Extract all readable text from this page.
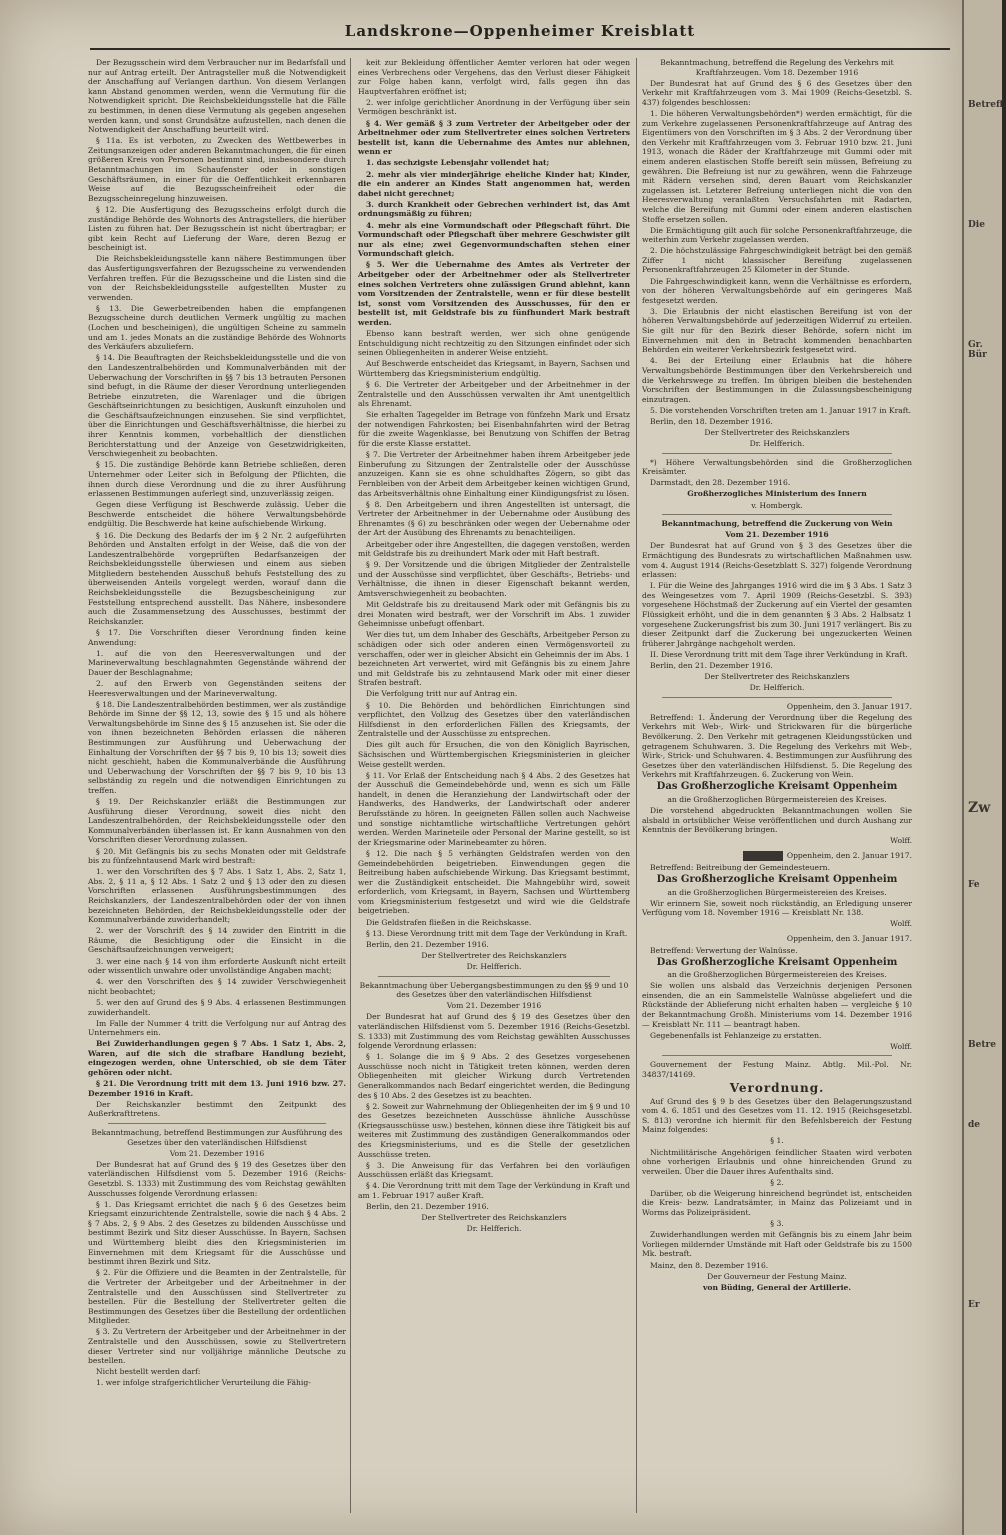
Landskrone—Oppenheimer Kreisblatt

Der Bezugsschein wird dem Verbraucher nur im Bedarfsfall und nur auf Antrag erteilt. Der Antragsteller muß die Notwendigkeit der Anschaffung auf Verlangen darthun. Von diesem Verlangen kann Abstand genommen werden, wenn die Vermutung für die Notwendigkeit spricht. Die Reichsbekleidungsstelle hat die Fälle zu bestimmen, in denen diese Vermutung als gegeben angesehen werden kann, und sonst Grundsätze aufzustellen, nach denen die Notwendigkeit der Anschaffung beurteilt wird.

§ 11a. Es ist verboten, zu Zwecken des Wettbewerbes in Zeitungsanzeigen oder anderen Bekanntmachungen, die für einen größeren Kreis von Personen bestimmt sind, insbesondere durch Betanntmachungen im Schaufenster oder in sonstigen Geschäftsräumen, in einer für die Oeffentlichkeit erkennbaren Weise auf die Bezugsscheinfreiheit oder die Bezugsscheinregelung hinzuweisen.

§ 12. Die Ausfertigung des Bezugsscheins erfolgt durch die zuständige Behörde des Wohnorts des Antragstellers, die hierüber Listen zu führen hat. Der Bezugsschein ist nicht übertragbar; er gibt kein Recht auf Lieferung der Ware, deren Bezug er bescheinigt ist.

Die Reichsbekleidungsstelle kann nähere Bestimmungen über das Ausfertigungsverfahren der Bezugsscheine zu verwendenden Verfahren treffen. Für die Bezugsscheine und die Listen sind die von der Reichsbekleidungsstelle aufgestellten Muster zu verwenden.

§ 13. Die Gewerbetreibenden haben die empfangenen Bezugsscheine durch deutlichen Vermerk ungültig zu machen (Lochen und bescheinigen), die ungültigen Scheine zu sammeln und am 1. jedes Monats an die zuständige Behörde des Wohnorts des Verkäufers abzuliefern.

§ 14. Die Beauftragten der Reichsbekleidungsstelle und die von den Landeszentralbehörden und Kommunalverbänden mit der Ueberwachung der Vorschriften in §§ 7 bis 13 betrauten Personen sind befugt, in die Räume der dieser Verordnung unterliegenden Betriebe einzutreten, die Warenlager und die übrigen Geschäftseinrichtungen zu besichtigen, Auskunft einzuholen und die Geschäftsaufzeichnungen einzusehen. Sie sind verpflichtet, über die Einrichtungen und Geschäftsverhältnisse, die hierbei zu ihrer Kenntnis kommen, vorbehaltlich der dienstlichen Berichterstattung und der Anzeige von Gesetzwidrigkeiten, Verschwiegenheit zu beobachten.

§ 15. Die zuständige Behörde kann Betriebe schließen, deren Unternehmer oder Leiter sich in Befolgung der Pflichten, die ihnen durch diese Verordnung und die zu ihrer Ausführung erlassenen Bestimmungen auferlegt sind, unzuverlässig zeigen.

Gegen diese Verfügung ist Beschwerde zulässig. Ueber die Beschwerde entscheidet die höhere Verwaltungsbehörde endgültig. Die Beschwerde hat keine aufschiebende Wirkung.

§ 16. Die Deckung des Bedarfs der im § 2 Nr. 2 aufgeführten Behörden und Anstalten erfolgt in der Weise, daß die von der Landeszentralbehörde vorgeprüften Bedarfsanzeigen der Reichsbekleidungsstelle überwiesen und einem aus sieben Mitgliedern bestehenden Ausschuß behufs Feststellung des zu überweisenden Anteils vorgelegt werden, worauf dann die Reichsbekleidungsstelle die Bezugsbescheinigung zur Feststellung entsprechend ausstellt. Das Nähere, insbesondere auch die Zusammensetzung des Ausschusses, bestimmt der Reichskanzler.

§ 17. Die Vorschriften dieser Verordnung finden keine Anwendung:

1. auf die von den Heeresverwaltungen und der Marineverwaltung beschlagnahmten Gegenstände während der Dauer der Beschlagnahme;

2. auf den Erwerb von Gegenständen seitens der Heeresverwaltungen und der Marineverwaltung.

§ 18. Die Landeszentralbehörden bestimmen, wer als zuständige Behörde im Sinne der §§ 12, 13, sowie des § 15 und als höhere Verwaltungsbehörde im Sinne des § 15 anzusehen ist. Sie oder die von ihnen bezeichneten Behörden erlassen die näheren Bestimmungen zur Ausführung und Ueberwachung der Einhaltung der Vorschriften der §§ 7 bis 9, 10 bis 13; soweit dies nicht geschieht, haben die Kommunalverbände die Ausführung und Ueberwachung der Vorschriften der §§ 7 bis 9, 10 bis 13 selbständig zu regeln und die notwendigen Einrichtungen zu treffen.

§ 19. Der Reichskanzler erläßt die Bestimmungen zur Ausführung dieser Verordnung, soweit dies nicht den Landeszentralbehörden, der Reichsbekleidungsstelle oder den Kommunalverbänden überlassen ist. Er kann Ausnahmen von den Vorschriften dieser Verordnung zulassen.

§ 20. Mit Gefängnis bis zu sechs Monaten oder mit Geldstrafe bis zu fünfzehntausend Mark wird bestraft:

1. wer den Vorschriften des § 7 Abs. 1 Satz 1, Abs. 2, Satz 1, Abs. 2, § 11 a, § 12 Abs. 1 Satz 2 und § 13 oder den zu diesen Vorschriften erlassenen Ausführungsbestimmungen des Reichskanzlers, der Landeszentralbehörden oder der von ihnen bezeichneten Behörden, der Reichsbekleidungsstelle oder der Kommunalverbände zuwiderhandelt;

2. wer der Vorschrift des § 14 zuwider den Eintritt in die Räume, die Besichtigung oder die Einsicht in die Geschäftsaufzeichnungen verweigert;

3. wer eine nach § 14 von ihm erforderte Auskunft nicht erteilt oder wissentlich unwahre oder unvollständige Angaben macht;

4. wer den Vorschriften des § 14 zuwider Verschwiegenheit nicht beobachtet;

5. wer den auf Grund des § 9 Abs. 4 erlassenen Bestimmungen zuwiderhandelt.

Im Falle der Nummer 4 tritt die Verfolgung nur auf Antrag des Unternehmers ein.

Bei Zuwiderhandlungen gegen § 7 Abs. 1 Satz 1, Abs. 2, Waren, auf die sich die strafbare Handlung bezieht, eingezogen werden, ohne Unterschied, ob sie dem Täter gehören oder nicht.

§ 21. Die Verordnung tritt mit dem 13. Juni 1916 bzw. 27. Dezember 1916 in Kraft.

Der Reichskanzler bestimmt den Zeitpunkt des Außerkrafttretens.

Bekanntmachung, betreffend Bestimmungen zur Ausführung des Gesetzes über den vaterländischen Hilfsdienst

Vom 21. Dezember 1916

Der Bundesrat hat auf Grund des § 19 des Gesetzes über den vaterländischen Hilfsdienst vom 5. Dezember 1916 (Reichs-Gesetzbl. S. 1333) mit Zustimmung des vom Reichstag gewählten Ausschusses folgende Verordnung erlassen:

§ 1. Das Kriegsamt errichtet die nach § 6 des Gesetzes beim Kriegsamt einzurichtende Zentralstelle, sowie die nach § 4 Abs. 2 § 7 Abs. 2, § 9 Abs. 2 des Gesetzes zu bildenden Ausschüsse und bestimmt Bezirk und Sitz dieser Ausschüsse. In Bayern, Sachsen und Württemberg bleibt dies den Kriegsministerien im Einvernehmen mit dem Kriegsamt für die Ausschüsse und bestimmt ihren Bezirk und Sitz.

§ 2. Für die Offiziere und die Beamten in der Zentralstelle, für die Vertreter der Arbeitgeber und der Arbeitnehmer in der Zentralstelle und den Ausschüssen sind Stellvertreter zu bestellen. Für die Bestellung der Stellvertreter gelten die Bestimmungen des Gesetzes über die Bestellung der ordentlichen Mitglieder.

§ 3. Zu Vertretern der Arbeitgeber und der Arbeitnehmer in der Zentralstelle und den Ausschüssen, sowie zu Stellvertretern dieser Vertreter sind nur volljährige männliche Deutsche zu bestellen.

Nicht bestellt werden darf:

1. wer infolge strafgerichtlicher Verurteilung die Fähig-

keit zur Bekleidung öffentlicher Aemter verloren hat oder wegen eines Verbrechens oder Vergehens, das den Verlust dieser Fähigkeit zur Folge haben kann, verfolgt wird, falls gegen ihn das Hauptverfahren eröffnet ist;

2. wer infolge gerichtlicher Anordnung in der Verfügung über sein Vermögen beschränkt ist.

§ 4. Wer gemäß § 3 zum Vertreter der Arbeitgeber oder der Arbeitnehmer oder zum Stellvertreter eines solchen Vertreters bestellt ist, kann die Uebernahme des Amtes nur ablehnen, wenn er

1. das sechzigste Lebensjahr vollendet hat;

2. mehr als vier minderjährige eheliche Kinder hat; Kinder, die ein anderer an Kindes Statt angenommen hat, werden dabei nicht gerechnet;

3. durch Krankheit oder Gebrechen verhindert ist, das Amt ordnungsmäßig zu führen;

4. mehr als eine Vormundschaft oder Pflegschaft führt. Die Vormundschaft oder Pflegschaft über mehrere Geschwister gilt nur als eine; zwei Gegenvormundschaften stehen einer Vormundschaft gleich.

§ 5. Wer die Uebernahme des Amtes als Vertreter der Arbeitgeber oder der Arbeitnehmer oder als Stellvertreter eines solchen Vertreters ohne zulässigen Grund ablehnt, kann vom Vorsitzenden der Zentralstelle, wenn er für diese bestellt ist, sonst vom Vorsitzenden des Ausschusses, für den er bestellt ist, mit Geldstrafe bis zu fünfhundert Mark bestraft werden.

Ebenso kann bestraft werden, wer sich ohne genügende Entschuldigung nicht rechtzeitig zu den Sitzungen einfindet oder sich seinen Obliegenheiten in anderer Weise entzieht.

Auf Beschwerde entscheidet das Kriegsamt, in Bayern, Sachsen und Württemberg das Kriegsministerium endgültig.

§ 6. Die Vertreter der Arbeitgeber und der Arbeitnehmer in der Zentralstelle und den Ausschüssen verwalten ihr Amt unentgeltlich als Ehrenamt.

Sie erhalten Tagegelder im Betrage von fünfzehn Mark und Ersatz der notwendigen Fahrkosten; bei Eisenbahnfahrten wird der Betrag für die zweite Wagenklasse, bei Benutzung von Schiffen der Betrag für die erste Klasse erstattet.

§ 7. Die Vertreter der Arbeitnehmer haben ihrem Arbeitgeber jede Einberufung zu Sitzungen der Zentralstelle oder der Ausschüsse anzuzeigen. Kann sie es ohne schuldhaftes Zögern, so gibt das Fernbleiben von der Arbeit dem Arbeitgeber keinen wichtigen Grund, das Arbeitsverhältnis ohne Einhaltung einer Kündigungsfrist zu lösen.

§ 8. Den Arbeitgebern und ihren Angestellten ist untersagt, die Vertreter der Arbeitnehmer in der Uebernahme oder Ausübung des Ehrenamtes (§ 6) zu beschränken oder wegen der Uebernahme oder der Art der Ausübung des Ehrenamts zu benachteiligen.

Arbeitgeber oder ihre Angestellten, die dagegen verstoßen, werden mit Geldstrafe bis zu dreihundert Mark oder mit Haft bestraft.

§ 9. Der Vorsitzende und die übrigen Mitglieder der Zentralstelle und der Ausschüsse sind verpflichtet, über Geschäfts-, Betriebs- und Verhältnisse, die ihnen in dieser Eigenschaft bekannt werden, Amtsverschwiegenheit zu beobachten.

Mit Geldstrafe bis zu dreitausend Mark oder mit Gefängnis bis zu drei Monaten wird bestraft, wer der Vorschrift im Abs. 1 zuwider Geheimnisse unbefugt offenbart.

Wer dies tut, um dem Inhaber des Geschäfts, Arbeitgeber Person zu schädigen oder sich oder anderen einen Vermögensvorteil zu verschaffen, oder wer in gleicher Absicht ein Geheimnis der im Abs. 1 bezeichneten Art verwertet, wird mit Gefängnis bis zu einem Jahre und mit Geldstrafe bis zu zehntausend Mark oder mit einer dieser Strafen bestraft.

Die Verfolgung tritt nur auf Antrag ein.

§ 10. Die Behörden und behördlichen Einrichtungen sind verpflichtet, den Vollzug des Gesetzes über den vaterländischen Hilfsdienst in den erforderlichen Fällen des Kriegsamts, der Zentralstelle und der Ausschüsse zu entsprechen.

Dies gilt auch für Ersuchen, die von den Königlich Bayrischen, Sächsischen und Württembergischen Kriegsministerien in gleicher Weise gestellt werden.

§ 11. Vor Erlaß der Entscheidung nach § 4 Abs. 2 des Gesetzes hat der Ausschuß die Gemeindebehörde und, wenn es sich um Fälle handelt, in denen die Heranziehung der Landwirtschaft oder der Handwerks, des Handwerks, der Landwirtschaft oder anderer Berufsstände zu hören. In geeigneten Fällen sollen auch Nachweise und sonstige nichtamtliche wirtschaftliche Vertretungen gehört werden. Werden Marineteile oder Personal der Marine gestellt, so ist der Kriegsmarine oder Marinebeamter zu hören.

§ 12. Die nach § 5 verhängten Geldstrafen werden von den Gemeindebehörden beigetrieben. Einwendungen gegen die Beitreibung haben aufschiebende Wirkung. Das Kriegsamt bestimmt, wer die Zuständigkeit entscheidet. Die Mahngebühr wird, soweit erforderlich, vom Kriegsamt, in Bayern, Sachsen und Württemberg vom Kriegsministerium festgesetzt und wird wie die Geldstrafe beigetrieben.

Die Geldstrafen fließen in die Reichskasse.

§ 13. Diese Verordnung tritt mit dem Tage der Verkündung in Kraft.

Berlin, den 21. Dezember 1916.

Der Stellvertreter des Reichskanzlers

Dr. Helfferich.

Bekanntmachung über Uebergangsbestimmungen zu den §§ 9 und 10 des Gesetzes über den vaterländischen Hilfsdienst

Vom 21. Dezember 1916

Der Bundesrat hat auf Grund des § 19 des Gesetzes über den vaterländischen Hilfsdienst vom 5. Dezember 1916 (Reichs-Gesetzbl. S. 1333) mit Zustimmung des vom Reichstag gewählten Ausschusses folgende Verordnung erlassen:

§ 1. Solange die im § 9 Abs. 2 des Gesetzes vorgesehenen Ausschüsse noch nicht in Tätigkeit treten können, werden deren Obliegenheiten mit gleicher Wirkung durch Vertretenden Generalkommandos nach Bedarf eingerichtet werden, die Bedingung des § 10 Abs. 2 des Gesetzes ist zu beachten.

§ 2. Soweit zur Wahrnehmung der Obliegenheiten der im § 9 und 10 des Gesetzes bezeichneten Ausschüsse ähnliche Ausschüsse (Kriegsausschüsse usw.) bestehen, können diese ihre Tätigkeit bis auf weiteres mit Zustimmung des zuständigen Generalkommandos oder des Kriegsministeriums, und es die Stelle der gesetzlichen Ausschüsse treten.

§ 3. Die Anweisung für das Verfahren bei den vorläufigen Ausschüssen erläßt das Kriegsamt.

§ 4. Die Verordnung tritt mit dem Tage der Verkündung in Kraft und am 1. Februar 1917 außer Kraft.

Berlin, den 21. Dezember 1916.

Der Stellvertreter des Reichskanzlers

Dr. Helfferich.

Bekanntmachung, betreffend die Regelung des Verkehrs mit Kraftfahrzeugen. Vom 18. Dezember 1916

Der Bundesrat hat auf Grund des § 6 des Gesetzes über den Verkehr mit Kraftfahrzeugen vom 3. Mai 1909 (Reichs-Gesetzbl. S. 437) folgendes beschlossen:

1. Die höheren Verwaltungsbehörden*) werden ermächtigt, für die zum Verkehre zugelassenen Personenkraftfahrzeuge auf Antrag des Eigentümers von den Vorschriften im § 3 Abs. 2 der Verordnung über den Verkehr mit Kraftfahrzeugen vom 3. Februar 1910 bzw. 21. Juni 1913, wonach die Räder der Kraftfahrzeuge mit Gummi oder mit einem anderen elastischen Stoffe bereift sein müssen, Befreiung zu gewähren. Die Befreiung ist nur zu gewähren, wenn die Fahrzeuge mit Rädern versehen sind, deren Bauart vom Reichskanzler zugelassen ist. Letzterer Befreiung unterliegen nicht die von den Heeresverwaltung veranlaßten Versuchsfahrten mit Radarten, welche die Bereifung mit Gummi oder einem anderen elastischen Stoffe ersetzen sollen.

Die Ermächtigung gilt auch für solche Personenkraftfahrzeuge, die weiterhin zum Verkehr zugelassen werden.

2. Die höchstzulässige Fahrgeschwindigkeit beträgt bei den gemäß Ziffer 1 nicht klassischer Bereifung zugelassenen Personenkraftfahrzeugen 25 Kilometer in der Stunde.

Die Fahrgeschwindigkeit kann, wenn die Verhältnisse es erfordern, von der höheren Verwaltungsbehörde auf ein geringeres Maß festgesetzt werden.

3. Die Erlaubnis der nicht elastischen Bereifung ist von der höheren Verwaltungsbehörde auf jederzeitigen Widerruf zu erteilen. Sie gilt nur für den Bezirk dieser Behörde, sofern nicht im Einvernehmen mit den in Betracht kommenden benachbarten Behörden ein weiterer Verkehrsbezirk festgesetzt wird.

4. Bei der Erteilung einer Erlaubnis hat die höhere Verwaltungsbehörde Bestimmungen über den Verkehrsbereich und die Verkehrswege zu treffen. Im übrigen bleiben die bestehenden Vorschriften der Bestimmungen in die Zulassungsbescheinigung einzutragen.

5. Die vorstehenden Vorschriften treten am 1. Januar 1917 in Kraft.

Berlin, den 18. Dezember 1916.

Der Stellvertreter des Reichskanzlers

Dr. Helfferich.

*) Höhere Verwaltungsbehörden sind die Großherzoglichen Kreisämter.

Darmstadt, den 28. Dezember 1916.

Großherzogliches Ministerium des Innern

v. Hombergk.

Bekanntmachung, betreffend die Zuckerung von Wein

Vom 21. Dezember 1916

Der Bundesrat hat auf Grund von § 3 des Gesetzes über die Ermächtigung des Bundesrats zu wirtschaftlichen Maßnahmen usw. vom 4. August 1914 (Reichs-Gesetzblatt S. 327) folgende Verordnung erlassen:

I. Für die Weine des Jahrganges 1916 wird die im § 3 Abs. 1 Satz 3 des Weingesetzes vom 7. April 1909 (Reichs-Gesetzbl. S. 393) vorgesehene Höchstmaß der Zuckerung auf ein Viertel der gesamten Flüssigkeit erhöht, und die in dem genannten § 3 Abs. 2 Halbsatz 1 vorgesehene Zuckerungsfrist bis zum 30. Juni 1917 verlängert. Bis zu dieser Zeitpunkt darf die Zuckerung bei ungezuckerten Weinen früherer Jahrgänge nachgeholt werden.

II. Diese Verordnung tritt mit dem Tage ihrer Verkündung in Kraft.

Berlin, den 21. Dezember 1916.

Der Stellvertreter des Reichskanzlers

Dr. Helfferich.

Oppenheim, den 3. Januar 1917.

Betreffend: 1. Änderung der Verordnung über die Regelung des Verkehrs mit Web-, Wirk- und Strickwaren für die bürgerliche Bevölkerung. 2. Den Verkehr mit getragenen Kleidungsstücken und getragenem Schuhwaren. 3. Die Regelung des Verkehrs mit Web-, Wirk-, Strick- und Schuhwaren. 4. Bestimmungen zur Ausführung des Gesetzes über den vaterländischen Hilfsdienst. 5. Die Regelung des Verkehrs mit Kraftfahrzeugen. 6. Zuckerung von Wein.

Das Großherzogliche Kreisamt Oppenheim

an die Großherzoglichen Bürgermeistereien des Kreises.

Die vorstehend abgedruckten Bekanntmachungen wollen Sie alsbald in ortsüblicher Weise veröffentlichen und durch Aushang zur Kenntnis der Bevölkerung bringen.

Wolff.

Oppenheim, den 2. Januar 1917.

Betreffend: Beitreibung der Gemeindesteuern.

Das Großherzogliche Kreisamt Oppenheim

an die Großherzoglichen Bürgermeistereien des Kreises.

Wir erinnern Sie, soweit noch rückständig, an Erledigung unserer Verfügung vom 18. November 1916 — Kreisblatt Nr. 138.

Wolff.

Oppenheim, den 3. Januar 1917.

Betreffend: Verwertung der Walnüsse.

Das Großherzogliche Kreisamt Oppenheim

an die Großherzoglichen Bürgermeistereien des Kreises.

Sie wollen uns alsbald das Verzeichnis derjenigen Personen einsenden, die an ein Sammelstelle Walnüsse abgeliefert und die Rückstände der Ablieferung nicht erhalten haben — vergleiche § 10 der Bekanntmachung Großh. Ministeriums vom 14. Dezember 1916 — Kreisblatt Nr. 111 — beantragt haben.

Gegebenenfalls ist Fehlanzeige zu erstatten.

Wolff.

Gouvernement der Festung Mainz. Abtlg. Mil.-Pol. Nr. 34837/14169.

Verordnung.

Auf Grund des § 9 b des Gesetzes über den Belagerungszustand vom 4. 6. 1851 und des Gesetzes vom 11. 12. 1915 (Reichsgesetzbl. S. 813) verordne ich hiermit für den Befehlsbereich der Festung Mainz folgendes:

§ 1.

Nichtmilitärische Angehörigen feindlicher Staaten wird verboten ohne vorherigen Erlaubnis und ohne hinreichenden Grund zu verweilen. Über die Dauer ihres Aufenthalts sind.

§ 2.

Darüber, ob die Weigerung hinreichend begründet ist, entscheiden die Kreis- bezw. Landratsämter, in Mainz das Polizeiamt und in Worms das Polizeipräsident.

§ 3.

Zuwiderhandlungen werden mit Gefängnis bis zu einem Jahr beim Vorliegen mildernder Umstände mit Haft oder Geldstrafe bis zu 1500 Mk. bestraft.

Mainz, den 8. Dezember 1916.

Der Gouverneur der Festung Mainz.

von Büding, General der Artillerie.

Betreff.
Die
Gr. Bür
Zw
Fe
Betre
de
Er
